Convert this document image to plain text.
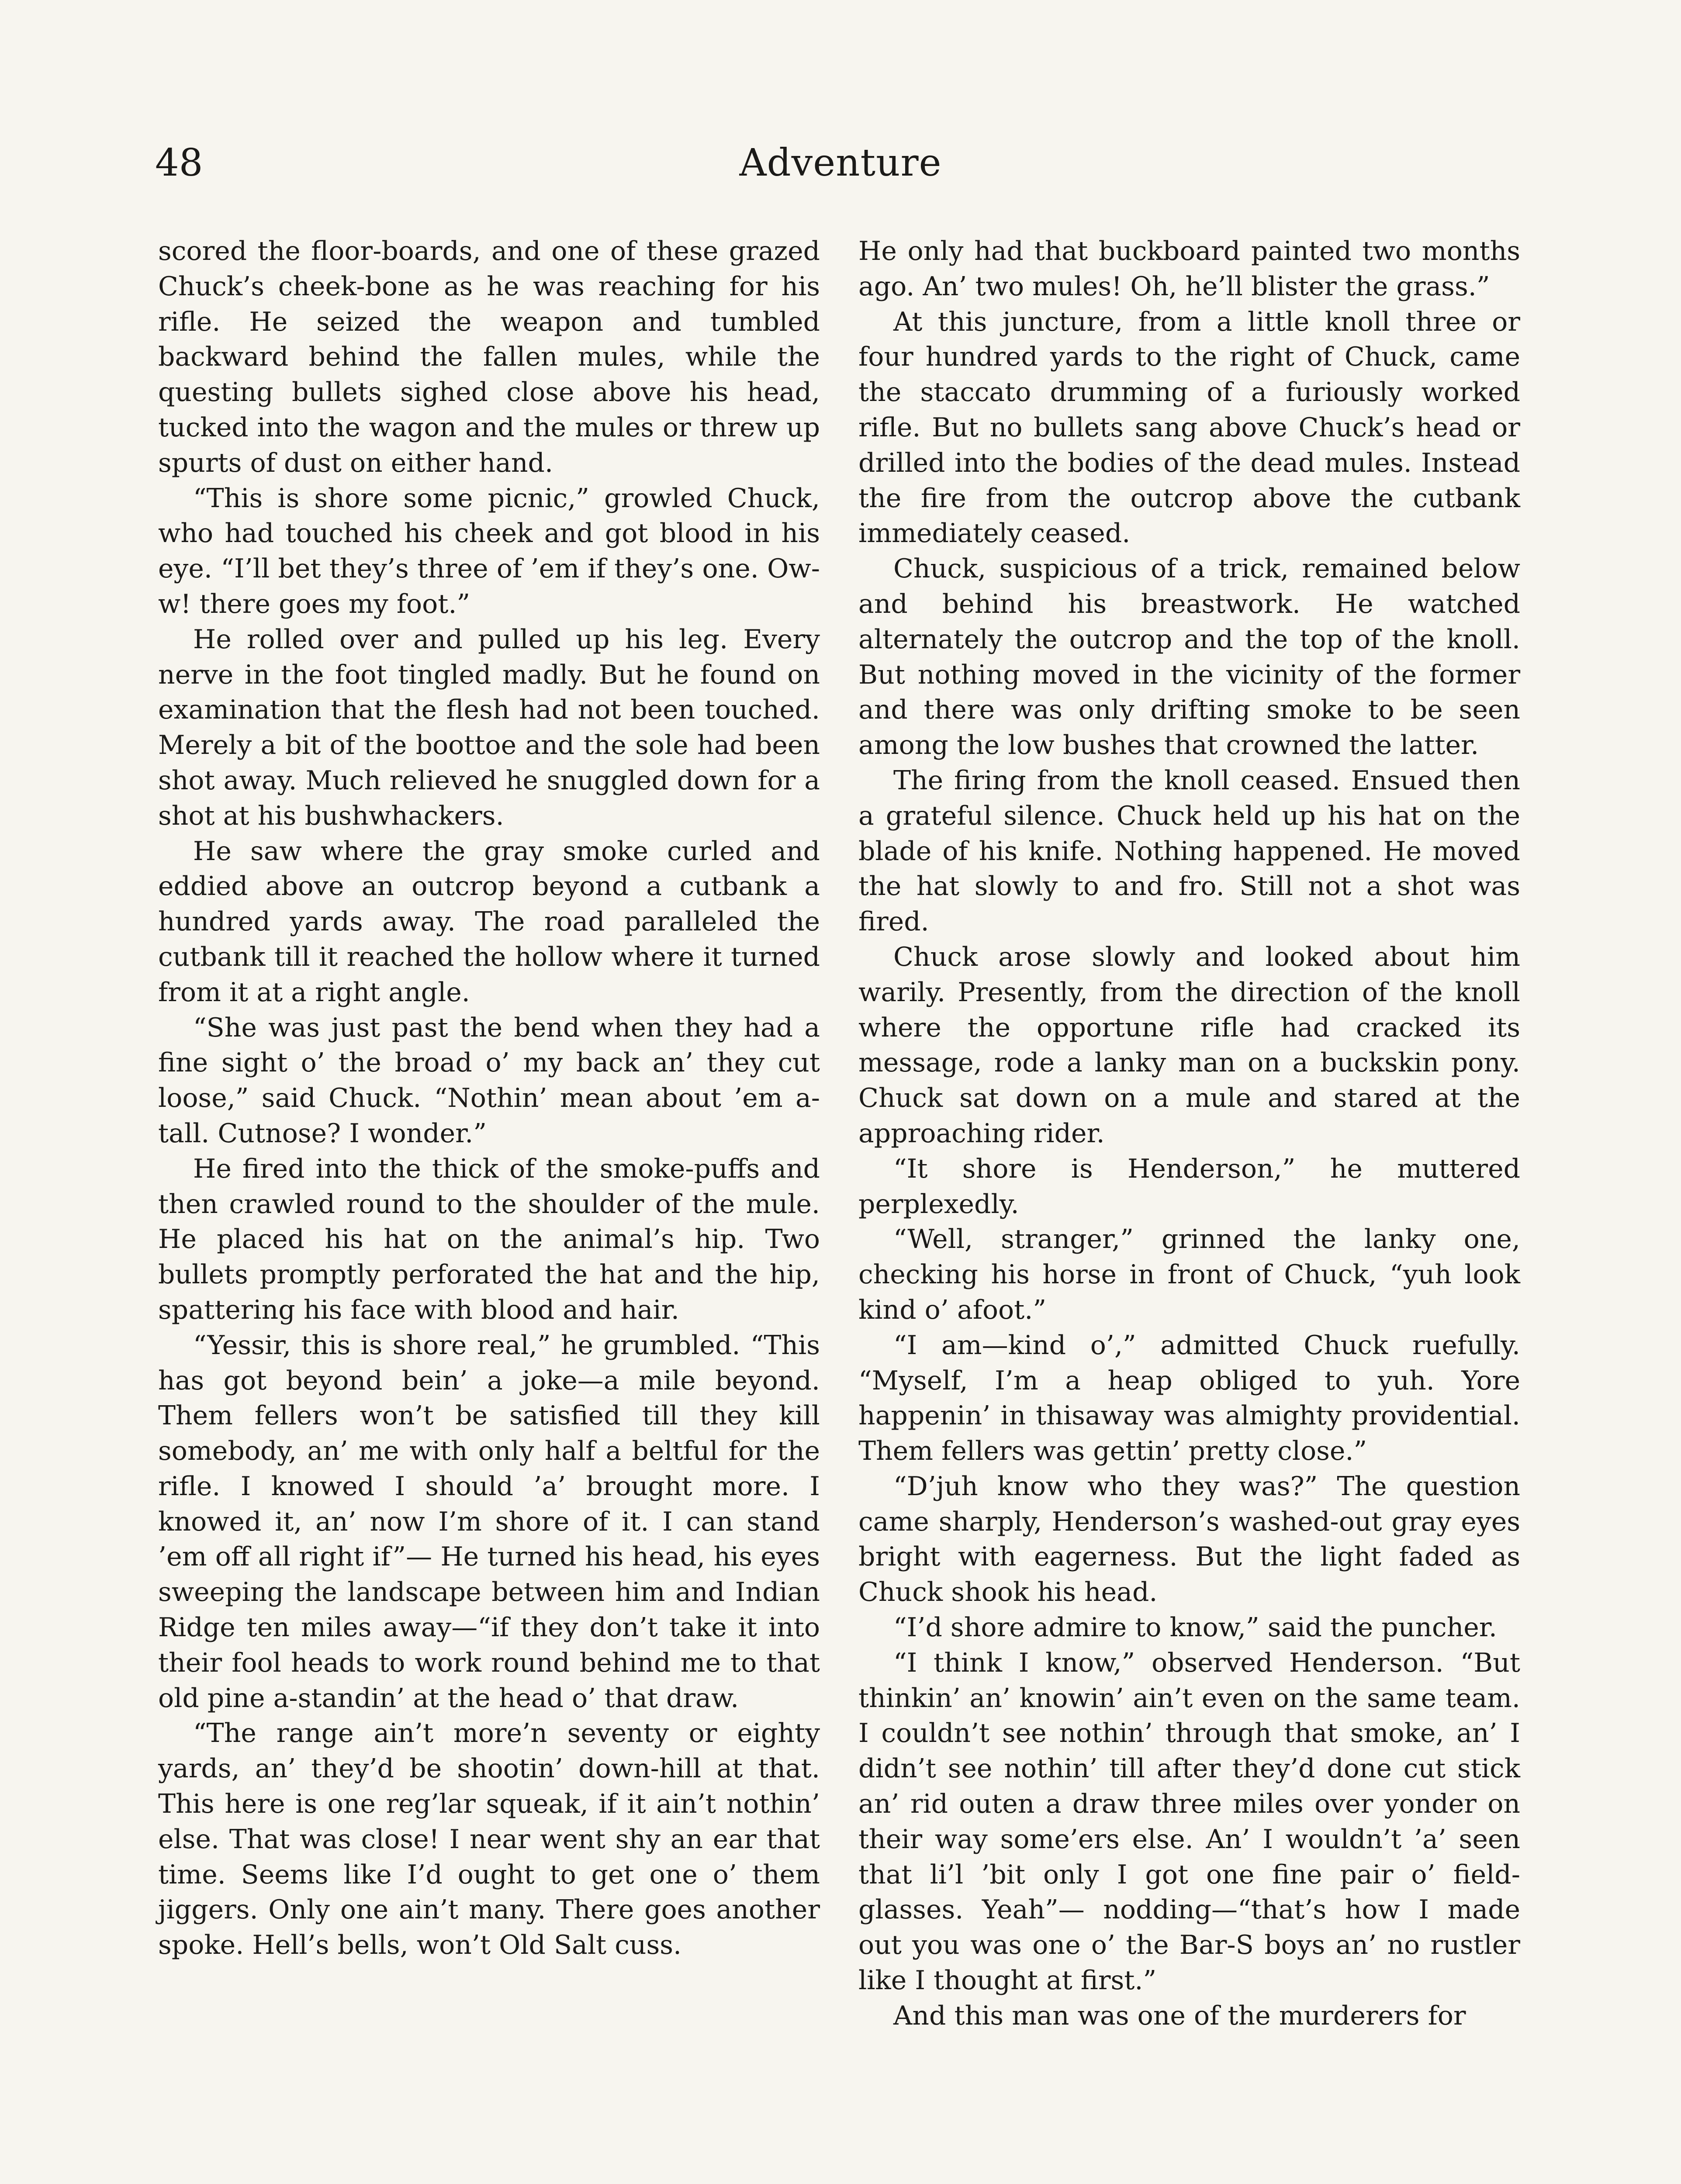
48	Adventure

scored the floor-boards, and one of these grazed Chuck’s cheek-bone as he was reaching for his rifle. He seized the weapon and tumbled backward behind the fallen mules, while the questing bullets sighed close above his head, tucked into the wagon and the mules or threw up spurts of dust on either hand.

“This is shore some picnic,” growled Chuck, who had touched his cheek and got blood in his eye. “I’ll bet they’s three of ’em if they’s one. Ow-w! there goes my foot.”

He rolled over and pulled up his leg. Every nerve in the foot tingled madly. But he found on examination that the flesh had not been touched. Merely a bit of the boottoe and the sole had been shot away. Much relieved he snuggled down for a shot at his bushwhackers.

He saw where the gray smoke curled and eddied above an outcrop beyond a cutbank a hundred yards away. The road paralleled the cutbank till it reached the hollow where it turned from it at a right angle.

“She was just past the bend when they had a fine sight o’ the broad o’ my back an’ they cut loose,” said Chuck. “Nothin’ mean about ’em a-tall. Cutnose? I wonder.”

He fired into the thick of the smoke-puffs and then crawled round to the shoulder of the mule. He placed his hat on the animal’s hip. Two bullets promptly perforated the hat and the hip, spattering his face with blood and hair.

“Yessir, this is shore real,” he grumbled. “This has got beyond bein’ a joke—a mile beyond. Them fellers won’t be satisfied till they kill somebody, an’ me with only half a beltful for the rifle. I knowed I should ’a’ brought more. I knowed it, an’ now I’m shore of it. I can stand ’em off all right if”— He turned his head, his eyes sweeping the landscape between him and Indian Ridge ten miles away—“if they don’t take it into their fool heads to work round behind me to that old pine a-standin’ at the head o’ that draw.

“The range ain’t more’n seventy or eighty yards, an’ they’d be shootin’ down-hill at that. This here is one reg’lar squeak, if it ain’t nothin’ else. That was close! I near went shy an ear that time. Seems like I’d ought to get one o’ them jiggers. Only one ain’t many. There goes another spoke. Hell’s bells, won’t Old Salt cuss.

He only had that buckboard painted two months ago. An’ two mules! Oh, he’ll blister the grass.”

At this juncture, from a little knoll three or four hundred yards to the right of Chuck, came the staccato drumming of a furiously worked rifle. But no bullets sang above Chuck’s head or drilled into the bodies of the dead mules. Instead the fire from the outcrop above the cutbank immediately ceased.

Chuck, suspicious of a trick, remained below and behind his breastwork. He watched alternately the outcrop and the top of the knoll. But nothing moved in the vicinity of the former and there was only drifting smoke to be seen among the low bushes that crowned the latter.

The firing from the knoll ceased. Ensued then a grateful silence. Chuck held up his hat on the blade of his knife. Nothing happened. He moved the hat slowly to and fro. Still not a shot was fired.

Chuck arose slowly and looked about him warily. Presently, from the direction of the knoll where the opportune rifle had cracked its message, rode a lanky man on a buckskin pony. Chuck sat down on a mule and stared at the approaching rider.

“It shore is Henderson,” he muttered perplexedly.

“Well, stranger,” grinned the lanky one, checking his horse in front of Chuck, “yuh look kind o’ afoot.”

“I am—kind o’,” admitted Chuck ruefully. “Myself, I’m a heap obliged to yuh. Yore happenin’ in thisaway was almighty providential. Them fellers was gettin’ pretty close.”

“D’juh know who they was?” The question came sharply, Henderson’s washed-out gray eyes bright with eagerness. But the light faded as Chuck shook his head.

“I’d shore admire to know,” said the puncher.

“I think I know,” observed Henderson. “But thinkin’ an’ knowin’ ain’t even on the same team. I couldn’t see nothin’ through that smoke, an’ I didn’t see nothin’ till after they’d done cut stick an’ rid outen a draw three miles over yonder on their way some’ers else. An’ I wouldn’t ’a’ seen that li’l ’bit only I got one fine pair o’ fieldglasses. Yeah”— nodding—“that’s how I made out you was one o’ the Bar-S boys an’ no rustler like I thought at first.”

And this man was one of the murderers for
